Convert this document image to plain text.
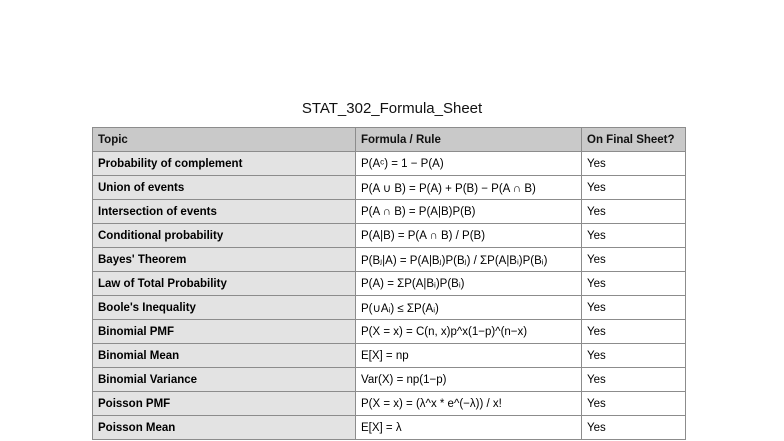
STAT_302_Formula_Sheet
Topic	Formula / Rule	On Final Sheet?
Probability of complement	P(Aᶜ) = 1 − P(A)	Yes
Union of events	P(A ∪ B) = P(A) + P(B) − P(A ∩ B)	Yes
Intersection of events	P(A ∩ B) = P(A|B)P(B)	Yes
Conditional probability	P(A|B) = P(A ∩ B) / P(B)	Yes
Bayes' Theorem	P(Bⱼ|A) = P(A|Bⱼ)P(Bⱼ) / ΣP(A|Bᵢ)P(Bᵢ)	Yes
Law of Total Probability	P(A) = ΣP(A|Bᵢ)P(Bᵢ)	Yes
Boole's Inequality	P(∪Aᵢ) ≤ ΣP(Aᵢ)	Yes
Binomial PMF	P(X = x) = C(n, x)p^x(1−p)^(n−x)	Yes
Binomial Mean	E[X] = np	Yes
Binomial Variance	Var(X) = np(1−p)	Yes
Poisson PMF	P(X = x) = (λ^x * e^(−λ)) / x!	Yes
Poisson Mean	E[X] = λ	Yes
